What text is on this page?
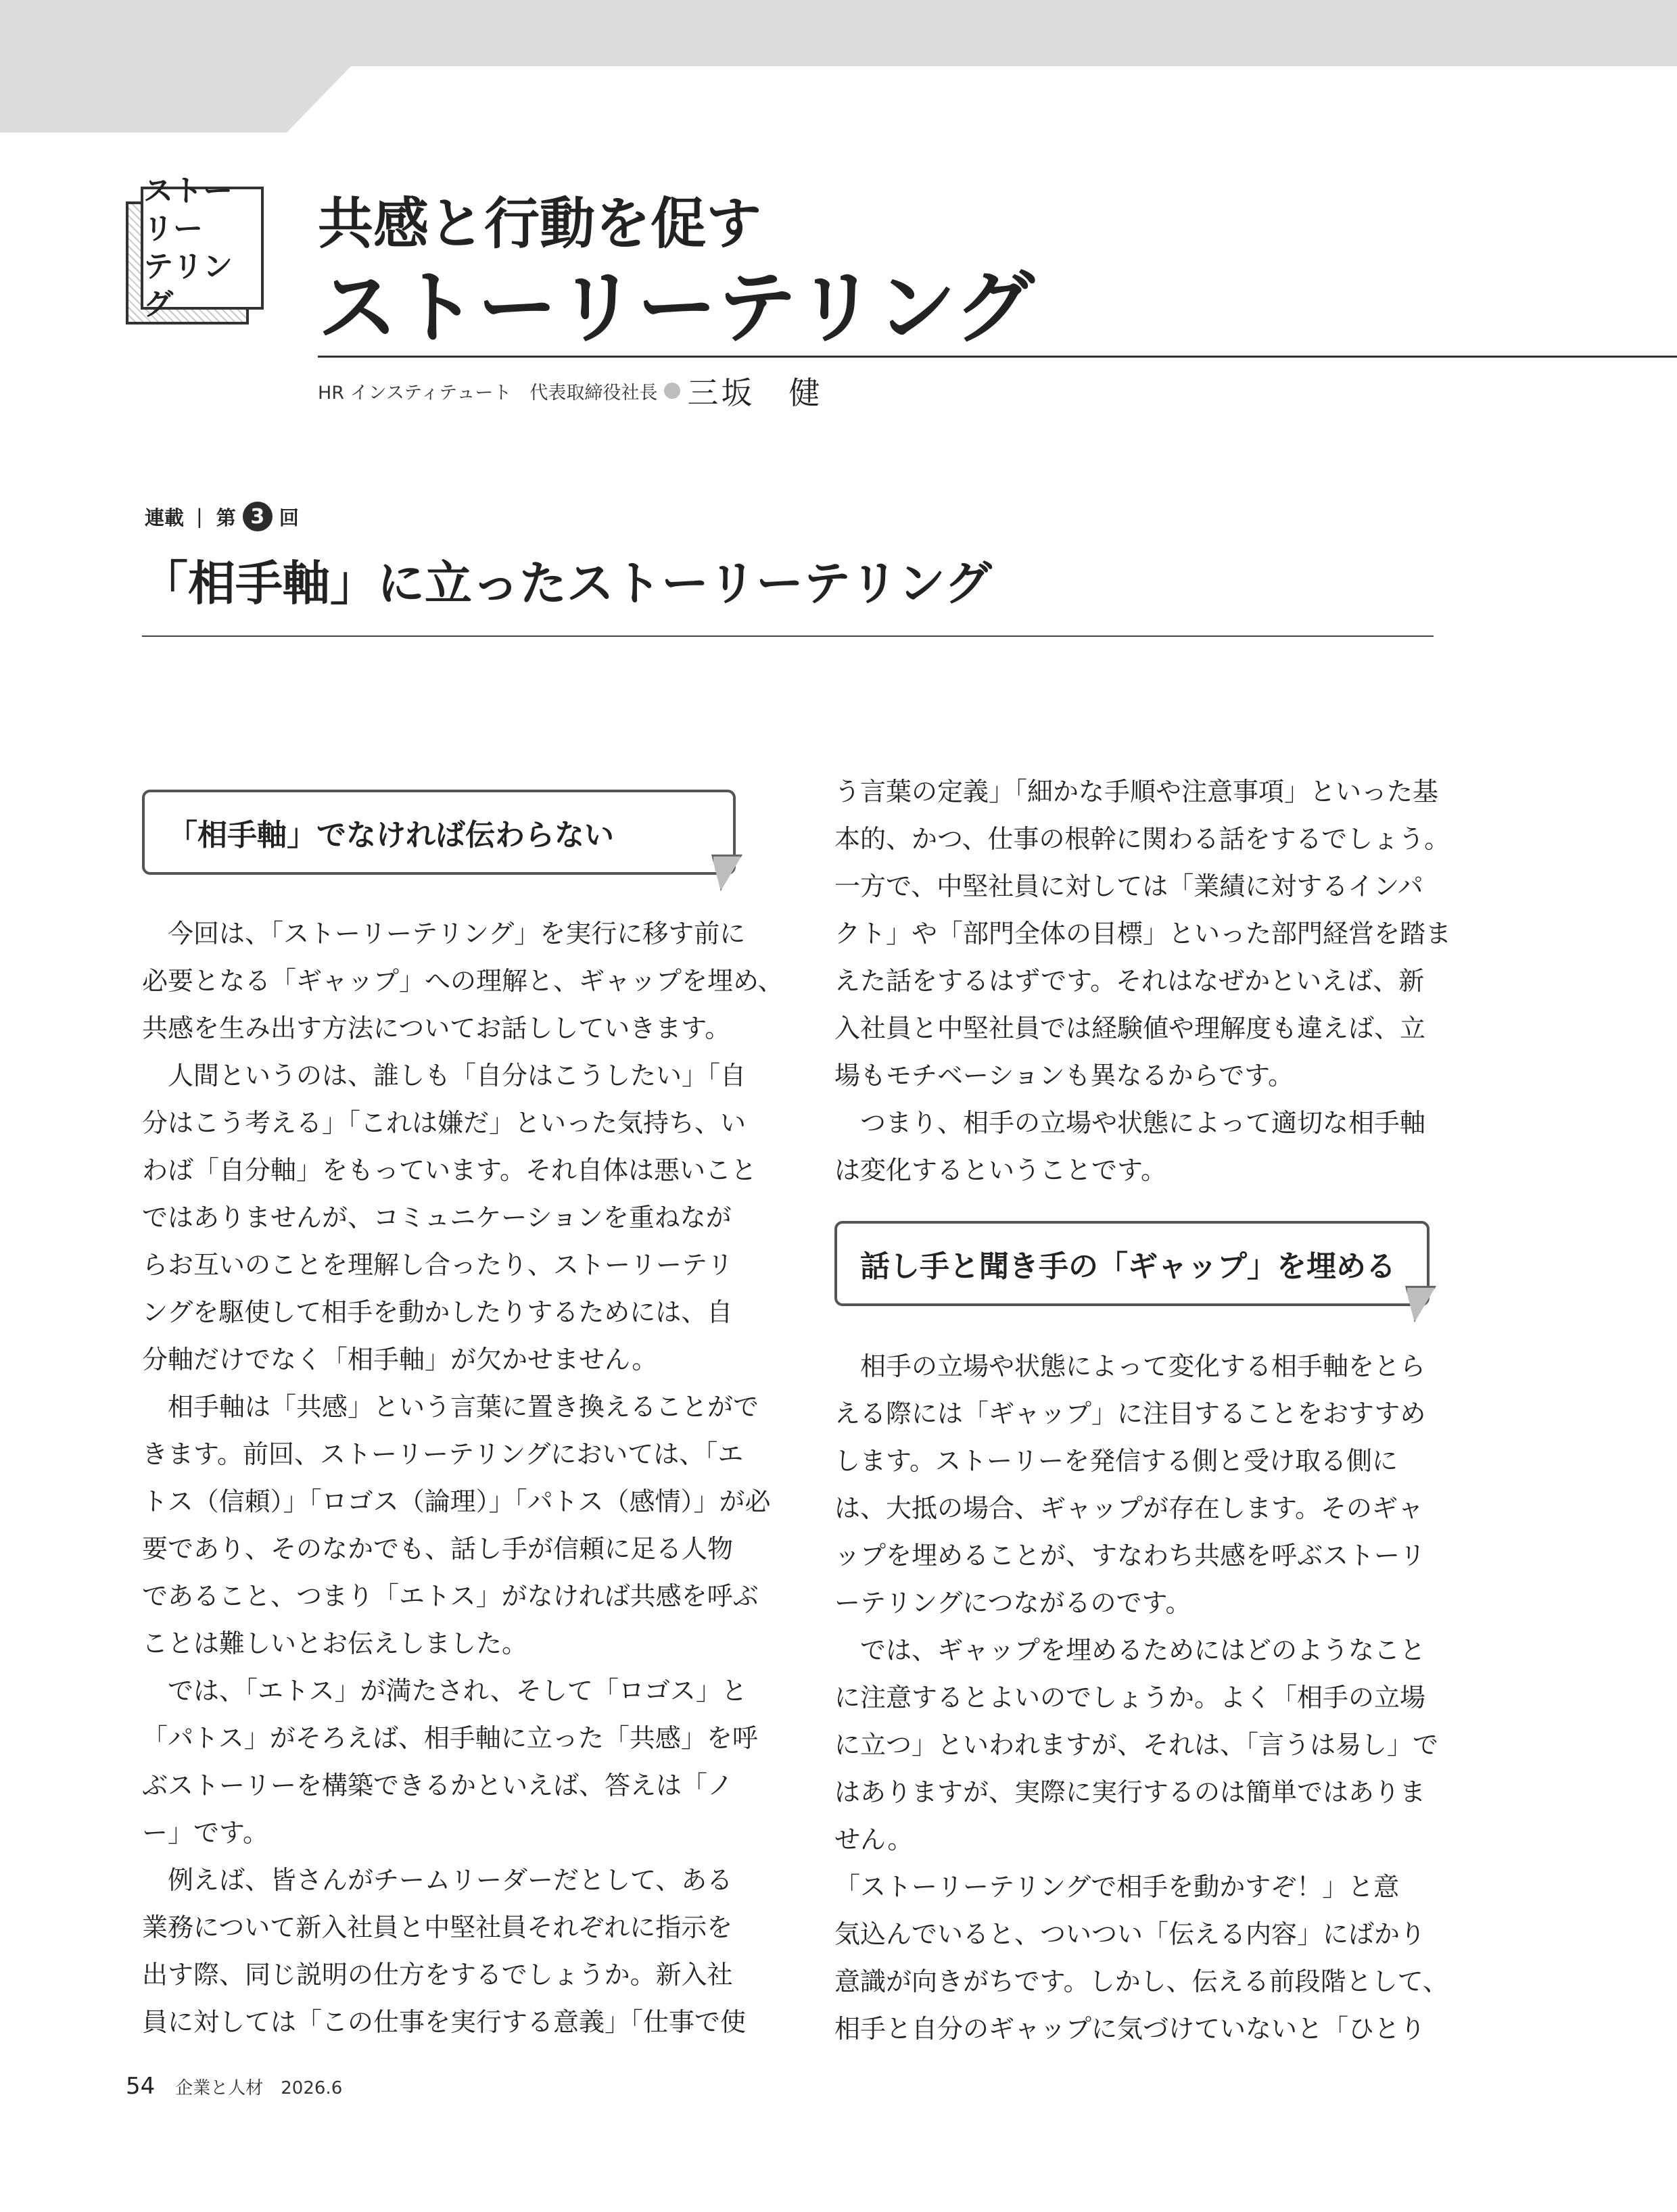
ストーリー
テリング
共感と行動を促す
ストーリーテリング
HR インスティテュート　代表取締役社長 三坂　健
連載 | 第 3 回
「相手軸」に立ったストーリーテリング
「相手軸」でなければ伝わらない
話し手と聞き手の「ギャップ」を埋める

　今回は、「ストーリーテリング」を実行に移す前に

必要となる「ギャップ」への理解と、ギャップを埋め、

共感を生み出す方法についてお話ししていきます。

　人間というのは、誰しも「自分はこうしたい」「自

分はこう考える」「これは嫌だ」といった気持ち、い

わば「自分軸」をもっています。それ自体は悪いこと

ではありませんが、コミュニケーションを重ねなが

らお互いのことを理解し合ったり、ストーリーテリ

ングを駆使して相手を動かしたりするためには、自

分軸だけでなく「相手軸」が欠かせません。

　相手軸は「共感」という言葉に置き換えることがで

きます。前回、ストーリーテリングにおいては、「エ

トス（信頼）」「ロゴス（論理）」「パトス（感情）」が必

要であり、そのなかでも、話し手が信頼に足る人物

であること、つまり「エトス」がなければ共感を呼ぶ

ことは難しいとお伝えしました。

　では、「エトス」が満たされ、そして「ロゴス」と

「パトス」がそろえば、相手軸に立った「共感」を呼

ぶストーリーを構築できるかといえば、答えは「ノ

ー」です。

　例えば、皆さんがチームリーダーだとして、ある

業務について新入社員と中堅社員それぞれに指示を

出す際、同じ説明の仕方をするでしょうか。新入社

員に対しては「この仕事を実行する意義」「仕事で使

う言葉の定義」「細かな手順や注意事項」といった基

本的、かつ、仕事の根幹に関わる話をするでしょう。

一方で、中堅社員に対しては「業績に対するインパ

クト」や「部門全体の目標」といった部門経営を踏ま

えた話をするはずです。それはなぜかといえば、新

入社員と中堅社員では経験値や理解度も違えば、立

場もモチベーションも異なるからです。

　つまり、相手の立場や状態によって適切な相手軸

は変化するということです。

　相手の立場や状態によって変化する相手軸をとら

える際には「ギャップ」に注目することをおすすめ

します。ストーリーを発信する側と受け取る側に

は、大抵の場合、ギャップが存在します。そのギャ

ップを埋めることが、すなわち共感を呼ぶストーリ

ーテリングにつながるのです。

　では、ギャップを埋めるためにはどのようなこと

に注意するとよいのでしょうか。よく「相手の立場

に立つ」といわれますが、それは、「言うは易し」で

はありますが、実際に実行するのは簡単ではありま

せん。

「ストーリーテリングで相手を動かすぞ！」と意

気込んでいると、ついつい「伝える内容」にばかり

意識が向きがちです。しかし、伝える前段階として、

相手と自分のギャップに気づけていないと「ひとり

54 企業と人材　2026.6
